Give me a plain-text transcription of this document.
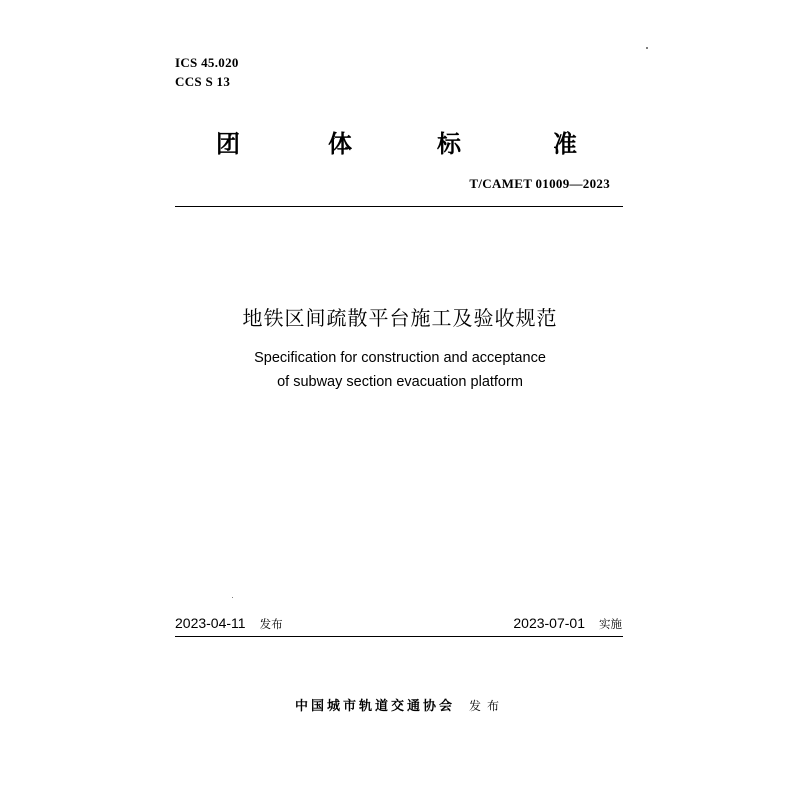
ICS 45.020
CCS S 13
团	体	标	准
T/CAMET 01009—2023
地铁区间疏散平台施工及验收规范
Specification for construction and acceptance
of subway section evacuation platform
2023-04-11 发布	2023-07-01 实施
中国城市轨道交通协会 发布
